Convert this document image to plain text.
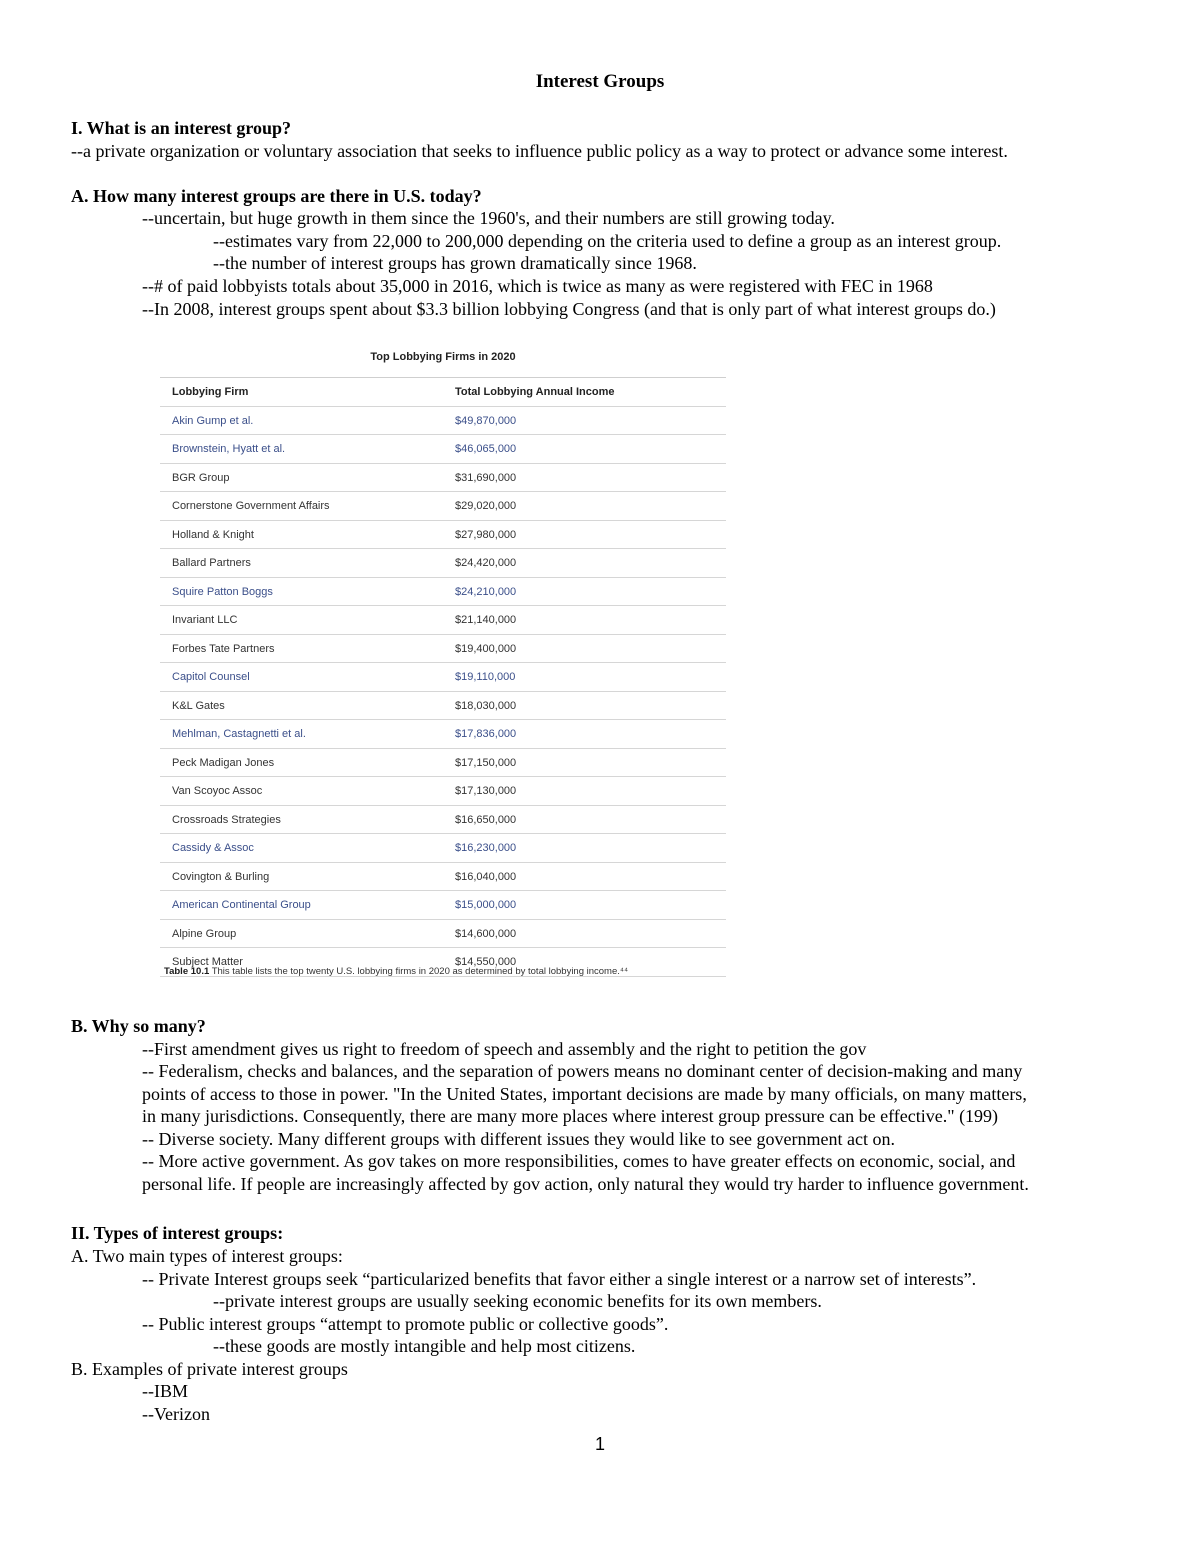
Interest Groups
I. What is an interest group?
--a private organization or voluntary association that seeks to influence public policy as a way to protect or advance some interest.
A. How many interest groups are there in U.S. today?
--uncertain, but huge growth in them since the 1960's, and their numbers are still growing today.
--estimates vary from 22,000 to 200,000 depending on the criteria used to define a group as an interest group.
--the number of interest groups has grown dramatically since 1968.
--# of paid lobbyists totals about 35,000 in 2016, which is twice as many as were registered with FEC in 1968
--In 2008, interest groups spent about $3.3 billion lobbying Congress (and that is only part of what interest groups do.)
Top Lobbying Firms in 2020
Lobbying Firm	Total Lobbying Annual Income
Akin Gump et al.	$49,870,000
Brownstein, Hyatt et al.	$46,065,000
BGR Group	$31,690,000
Cornerstone Government Affairs	$29,020,000
Holland & Knight	$27,980,000
Ballard Partners	$24,420,000
Squire Patton Boggs	$24,210,000
Invariant LLC	$21,140,000
Forbes Tate Partners	$19,400,000
Capitol Counsel	$19,110,000
K&L Gates	$18,030,000
Mehlman, Castagnetti et al.	$17,836,000
Peck Madigan Jones	$17,150,000
Van Scoyoc Assoc	$17,130,000
Crossroads Strategies	$16,650,000
Cassidy & Assoc	$16,230,000
Covington & Burling	$16,040,000
American Continental Group	$15,000,000
Alpine Group	$14,600,000
Subject Matter	$14,550,000
Table 10.1 This table lists the top twenty U.S. lobbying firms in 2020 as determined by total lobbying income.⁴⁴
B. Why so many?
--First amendment gives us right to freedom of speech and assembly and the right to petition the gov
-- Federalism, checks and balances, and the separation of powers means no dominant center of decision-making and many
points of access to those in power. "In the United States, important decisions are made by many officials, on many matters,
in many jurisdictions. Consequently, there are many more places where interest group pressure can be effective." (199)
-- Diverse society. Many different groups with different issues they would like to see government act on.
-- More active government. As gov takes on more responsibilities, comes to have greater effects on economic, social, and
personal life. If people are increasingly affected by gov action, only natural they would try harder to influence government.
II. Types of interest groups:
A. Two main types of interest groups:
-- Private Interest groups seek “particularized benefits that favor either a single interest or a narrow set of interests”.
--private interest groups are usually seeking economic benefits for its own members.
-- Public interest groups “attempt to promote public or collective goods”.
--these goods are mostly intangible and help most citizens.
B. Examples of private interest groups
--IBM
--Verizon
1
